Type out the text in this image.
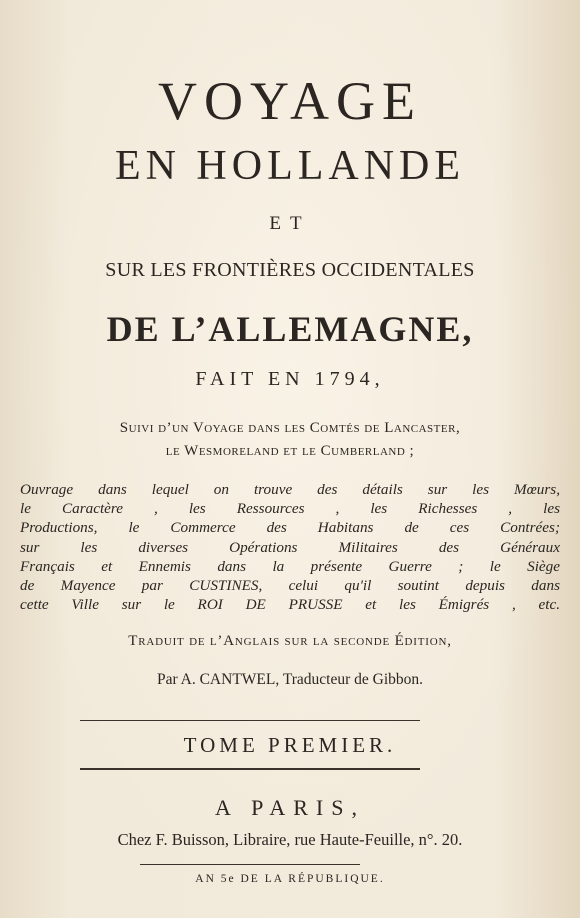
VOYAGE
EN HOLLANDE
ET
SUR LES FRONTIÈRES OCCIDENTALES
DE L’ALLEMAGNE,
FAIT EN 1794,
Suivi d’un Voyage dans les Comtés de Lancaster,
le Wesmoreland et le Cumberland ;

Ouvrage dans lequel on trouve des détails sur les Mœurs,

le Caractère , les Ressources , les Richesses , les

Productions, le Commerce des Habitans de ces Contrées;

sur les diverses Opérations Militaires des Généraux

Français et Ennemis dans la présente Guerre ; le Siège

de Mayence par CUSTINES, celui qu'il soutint depuis dans

cette Ville sur le ROI DE PRUSSE et les Émigrés , etc.

Traduit de l’Anglais sur la seconde Édition,
Par A. CANTWEL, Traducteur de Gibbon.
TOME PREMIER.
A PARIS,
Chez F. Buisson, Libraire, rue Haute-Feuille, n°. 20.
AN 5e DE LA RÉPUBLIQUE.
